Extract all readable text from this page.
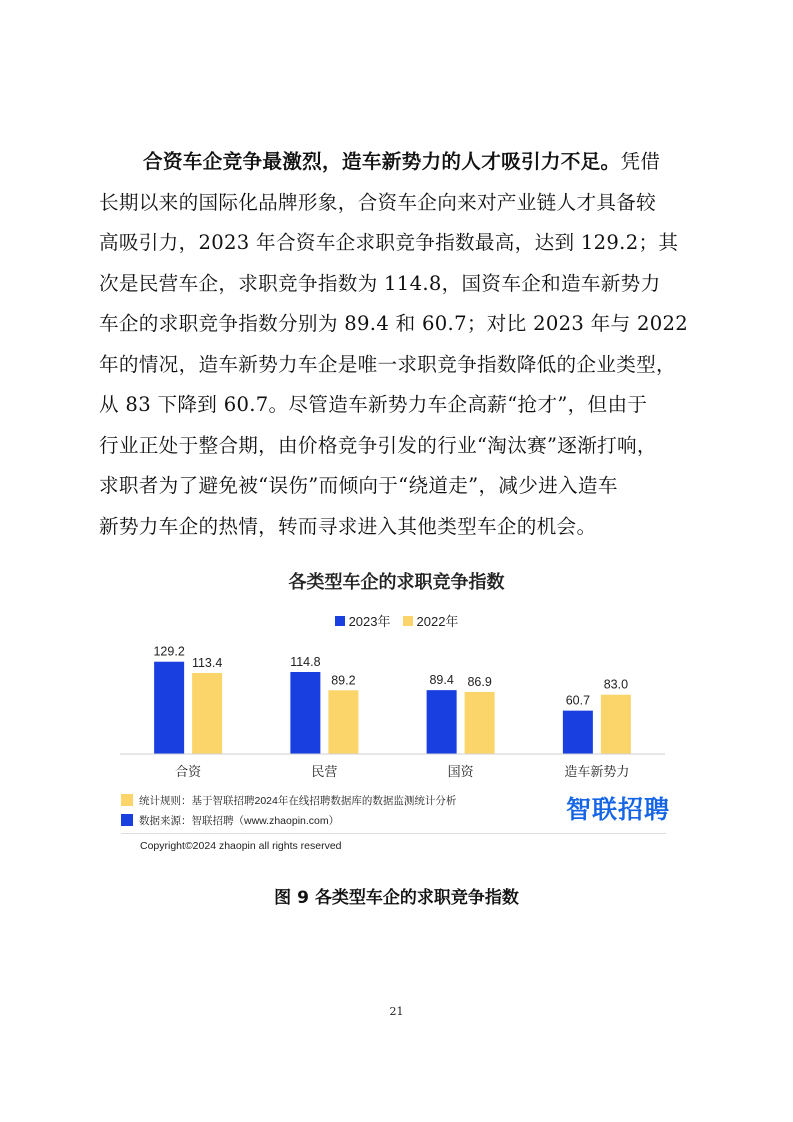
合资车企竞争最激烈，造车新势力的人才吸引力不足。凭借
长期以来的国际化品牌形象，合资车企向来对产业链人才具备较
高吸引力，2023 年合资车企求职竞争指数最高，达到 129.2；其
次是民营车企，求职竞争指数为 114.8，国资车企和造车新势力
车企的求职竞争指数分别为 89.4 和 60.7；对比 2023 年与 2022
年的情况，造车新势力车企是唯一求职竞争指数降低的企业类型，
从 83 下降到 60.7。尽管造车新势力车企高薪“抢才”，但由于
行业正处于整合期，由价格竞争引发的行业“淘汰赛”逐渐打响，
求职者为了避免被“误伤”而倾向于“绕道走”，减少进入造车
新势力车企的热情，转而寻求进入其他类型车企的机会。
各类型车企的求职竞争指数
2023年 2022年
129.2
113.4
合资
114.8
89.2
民营
89.4 86.9
国资
60.7
83.0
造车新势力
统计规则：基于智联招聘2024年在线招聘数据库的数据监测统计分析
数据来源：智联招聘（www.zhaopin.com）	智联招聘
Copyright©2024 zhaopin all rights reserved
图 9 各类型车企的求职竞争指数
21
